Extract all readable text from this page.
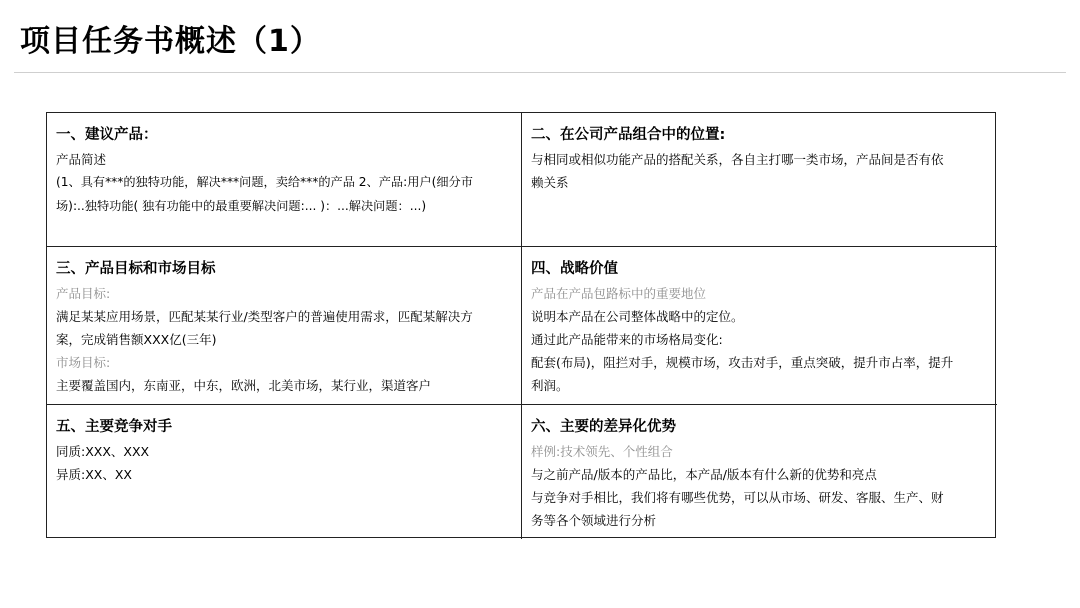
项目任务书概述（1）
一、建议产品：
产品简述
(1、具有***的独特功能，解决***问题，卖给***的产品 2、产品:用户(细分市
场):..独特功能( 独有功能中的最重要解决问题:... )：...解决问题：...)
二、在公司产品组合中的位置:
与相同或相似功能产品的搭配关系，各自主打哪一类市场，产品间是否有依
赖关系
三、产品目标和市场目标
产品目标:
满足某某应用场景，匹配某某行业/类型客户的普遍使用需求，匹配某解决方
案，完成销售额XXX亿(三年)
市场目标:
主要覆盖国内，东南亚，中东，欧洲，北美市场，某行业，渠道客户
四、战略价值
产品在产品包路标中的重要地位
说明本产品在公司整体战略中的定位。
通过此产品能带来的市场格局变化:
配套(布局)，阻拦对手，规模市场，攻击对手，重点突破，提升市占率，提升
利润。
五、主要竞争对手
同质:XXX、XXX
异质:XX、XX
六、主要的差异化优势
样例:技术领先、个性组合
与之前产品/版本的产品比，本产品/版本有什么新的优势和亮点
与竞争对手相比，我们将有哪些优势，可以从市场、研发、客服、生产、财
务等各个领域进行分析
